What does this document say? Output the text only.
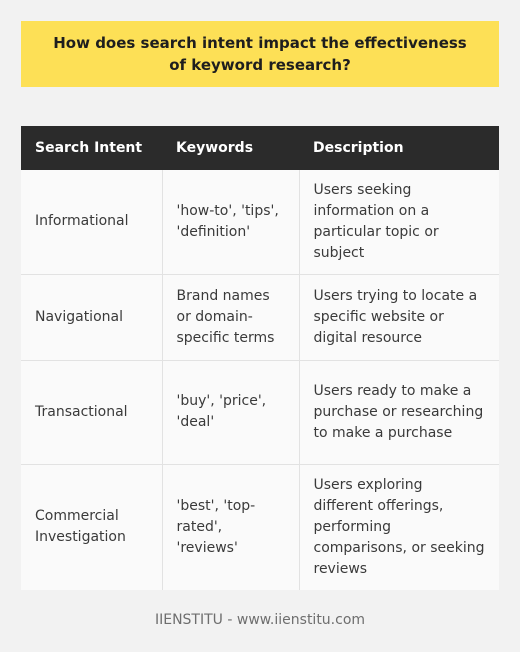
How does search intent impact the effectiveness of keyword research?
Search Intent	Keywords	Description
Informational	'how-to', 'tips', 'definition'	Users seeking information on a particular topic or subject
Navigational	Brand names or domain-specific terms	Users trying to locate a specific website or digital resource
Transactional	'buy', 'price', 'deal'	Users ready to make a purchase or researching to make a purchase
Commercial Investigation	'best', 'top-rated', 'reviews'	Users exploring different offerings, performing comparisons, or seeking reviews
IIENSTITU - www.iienstitu.com
